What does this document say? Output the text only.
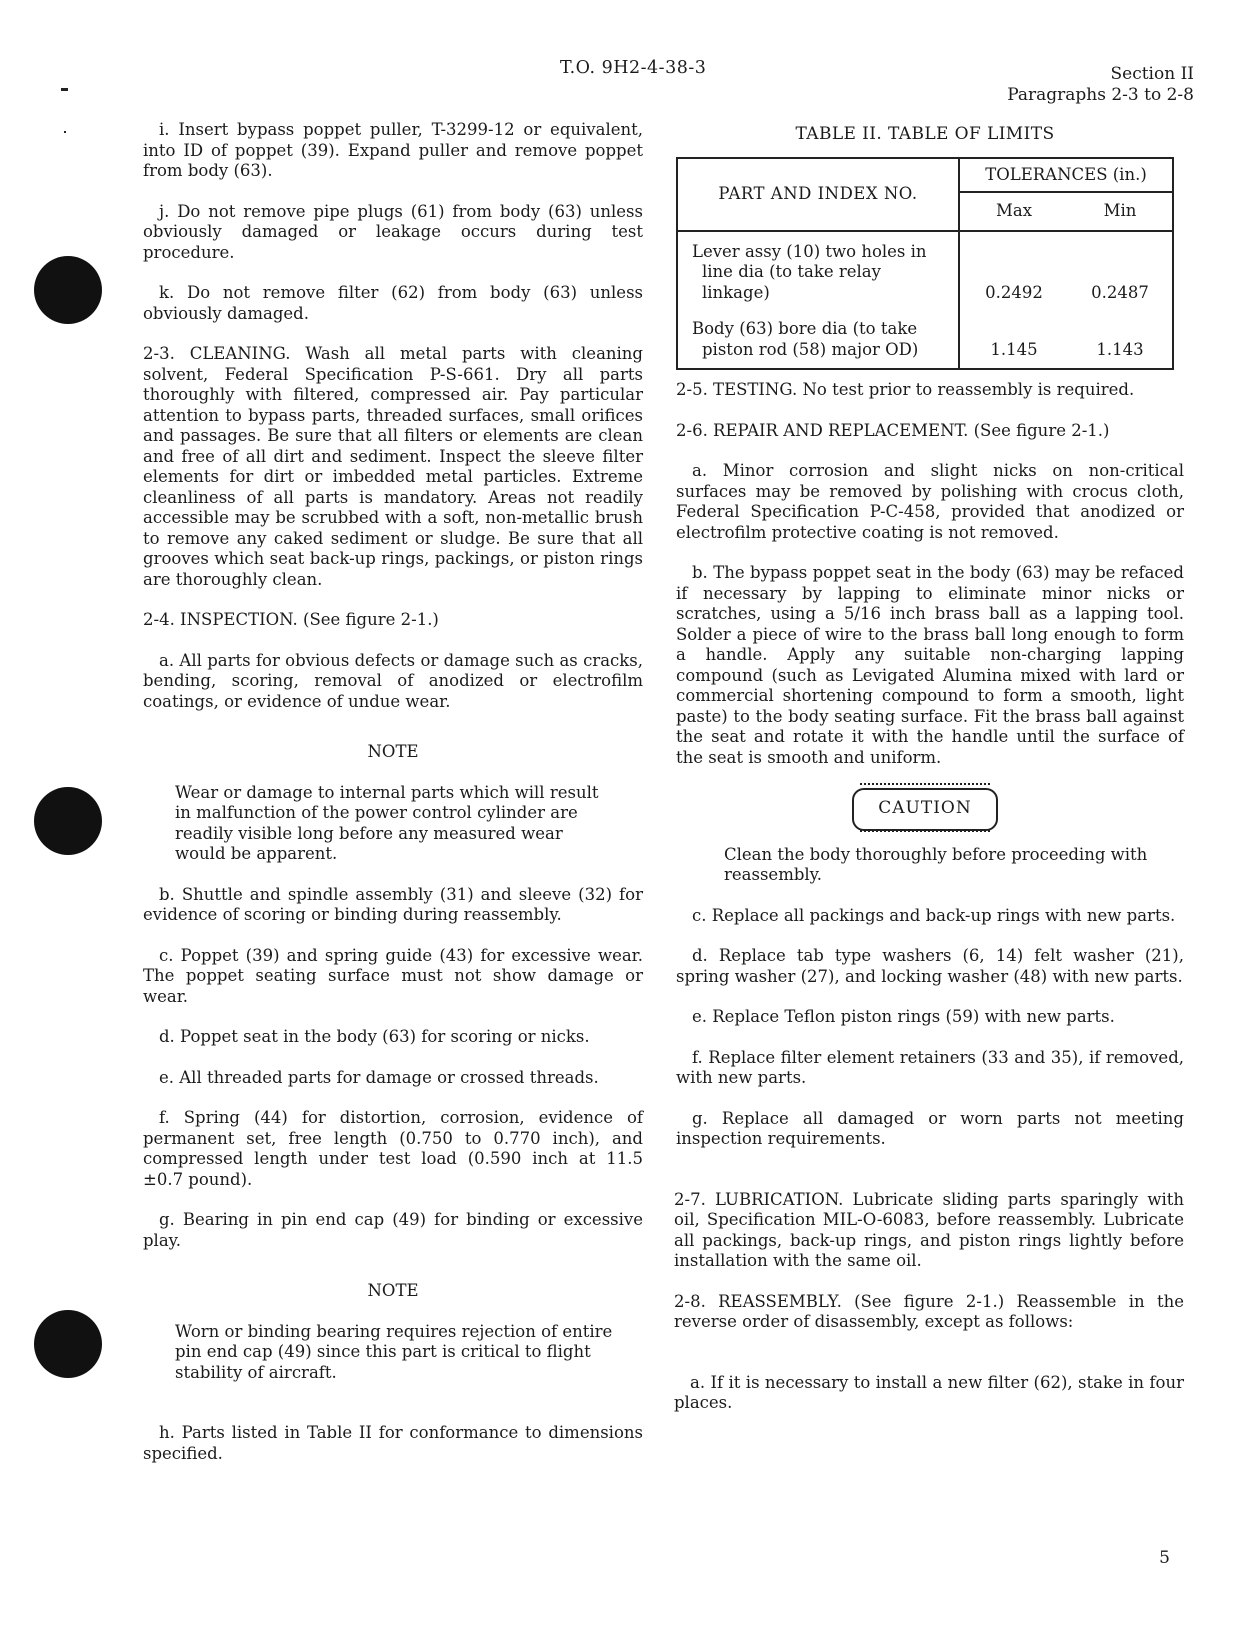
T.O. 9H2-4-38-3	Section II
Paragraphs 2-3 to 2-8

i. Insert bypass poppet puller, T-3299-12 or equivalent, into ID of poppet (39). Expand puller and remove poppet from body (63).

j. Do not remove pipe plugs (61) from body (63) unless obviously damaged or leakage occurs during test procedure.

k. Do not remove filter (62) from body (63) unless obviously damaged.

2-3. CLEANING. Wash all metal parts with cleaning solvent, Federal Specification P-S-661. Dry all parts thoroughly with filtered, compressed air. Pay particular attention to bypass parts, threaded surfaces, small orifices and passages. Be sure that all filters or elements are clean and free of all dirt and sediment. Inspect the sleeve filter elements for dirt or imbedded metal particles. Extreme cleanliness of all parts is mandatory. Areas not readily accessible may be scrubbed with a soft, non-metallic brush to remove any caked sediment or sludge. Be sure that all grooves which seat back-up rings, packings, or piston rings are thoroughly clean.

2-4. INSPECTION. (See figure 2-1.)

a. All parts for obvious defects or damage such as cracks, bending, scoring, removal of anodized or electrofilm coatings, or evidence of undue wear.

NOTE

Wear or damage to internal parts which will result in malfunction of the power control cylinder are readily visible long before any measured wear would be apparent.

b. Shuttle and spindle assembly (31) and sleeve (32) for evidence of scoring or binding during reassembly.

c. Poppet (39) and spring guide (43) for excessive wear. The poppet seating surface must not show damage or wear.

d. Poppet seat in the body (63) for scoring or nicks.

e. All threaded parts for damage or crossed threads.

f. Spring (44) for distortion, corrosion, evidence of permanent set, free length (0.750 to 0.770 inch), and compressed length under test load (0.590 inch at 11.5 ±0.7 pound).

g. Bearing in pin end cap (49) for binding or excessive play.

NOTE

Worn or binding bearing requires rejection of entire pin end cap (49) since this part is critical to flight stability of aircraft.

h. Parts listed in Table II for conformance to dimensions specified.

TABLE II. TABLE OF LIMITS
PART AND INDEX NO.	TOLERANCES (in.)	
	Max	Min

Lever assy (10) two holes in
line dia (to take relay
linkage)	0.2492	0.2487

Body (63) bore dia (to take
piston rod (58) major OD)	1.145	1.143

2-5. TESTING. No test prior to reassembly is required.

2-6. REPAIR AND REPLACEMENT. (See figure 2-1.)

a. Minor corrosion and slight nicks on non-critical surfaces may be removed by polishing with crocus cloth, Federal Specification P-C-458, provided that anodized or electrofilm protective coating is not removed.

b. The bypass poppet seat in the body (63) may be refaced if necessary by lapping to eliminate minor nicks or scratches, using a 5/16 inch brass ball as a lapping tool. Solder a piece of wire to the brass ball long enough to form a handle. Apply any suitable non-charging lapping compound (such as Levigated Alumina mixed with lard or commercial shortening compound to form a smooth, light paste) to the body seating surface. Fit the brass ball against the seat and rotate it with the handle until the surface of the seat is smooth and uniform.

CAUTION

Clean the body thoroughly before proceeding with reassembly.

c. Replace all packings and back-up rings with new parts.

d. Replace tab type washers (6, 14) felt washer (21), spring washer (27), and locking washer (48) with new parts.

e. Replace Teflon piston rings (59) with new parts.

f. Replace filter element retainers (33 and 35), if removed, with new parts.

g. Replace all damaged or worn parts not meeting inspection requirements.

2-7. LUBRICATION. Lubricate sliding parts sparingly with oil, Specification MIL-O-6083, before reassembly. Lubricate all packings, back-up rings, and piston rings lightly before installation with the same oil.

2-8. REASSEMBLY. (See figure 2-1.) Reassemble in the reverse order of disassembly, except as follows:

a. If it is necessary to install a new filter (62), stake in four places.

5
